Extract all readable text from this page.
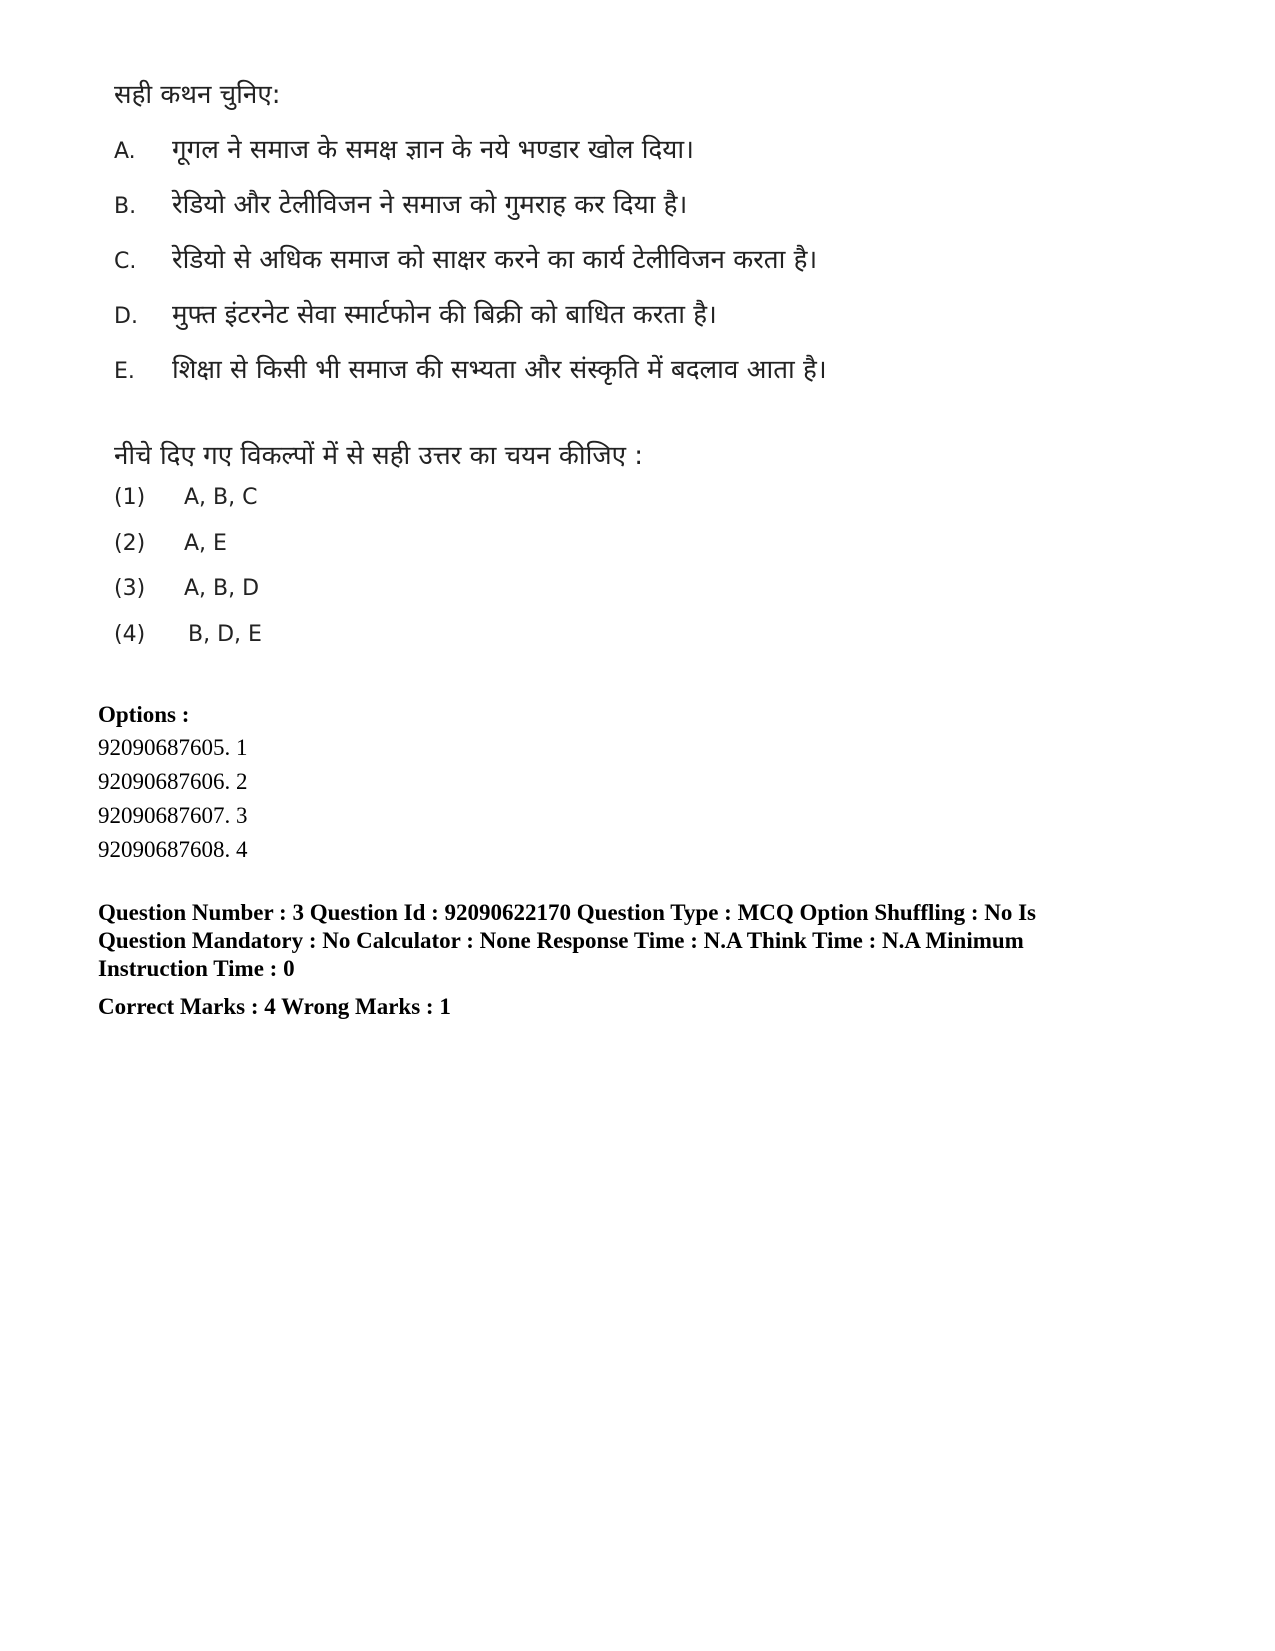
सही कथन चुनिए:
A. गूगल ने समाज के समक्ष ज्ञान के नये भण्डार खोल दिया।
B. रेडियो और टेलीविजन ने समाज को गुमराह कर दिया है।
C. रेडियो से अधिक समाज को साक्षर करने का कार्य टेलीविजन करता है।
D. मुफ्त इंटरनेट सेवा स्मार्टफोन की बिक्री को बाधित करता है।
E. शिक्षा से किसी भी समाज की सभ्यता और संस्कृति में बदलाव आता है।
नीचे दिए गए विकल्पों में से सही उत्तर का चयन कीजिए :
(1) A, B, C
(2) A, E
(3) A, B, D
(4) B, D, E
Options :
92090687605. 1
92090687606. 2
92090687607. 3
92090687608. 4
Question Number : 3 Question Id : 92090622170 Question Type : MCQ Option Shuffling : No Is
Question Mandatory : No Calculator : None Response Time : N.A Think Time : N.A Minimum
Instruction Time : 0
Correct Marks : 4 Wrong Marks : 1
